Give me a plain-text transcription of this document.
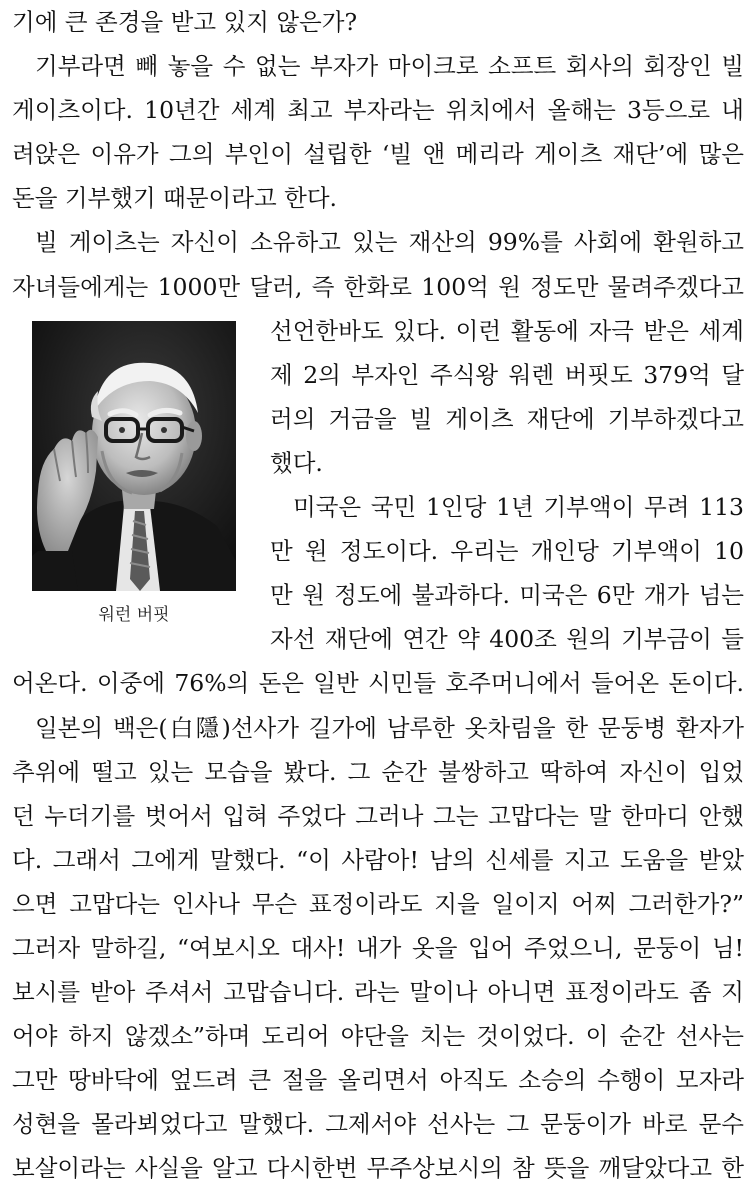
기에 큰 존경을 받고 있지 않은가?
기부라면 빼 놓을 수 없는 부자가 마이크로 소프트 회사의 회장인 빌
게이츠이다. 10년간 세계 최고 부자라는 위치에서 올해는 3등으로 내
려앉은 이유가 그의 부인이 설립한 ‘빌 앤 메리라 게이츠 재단’에 많은
돈을 기부했기 때문이라고 한다.
빌 게이츠는 자신이 소유하고 있는 재산의 99%를 사회에 환원하고
자녀들에게는 1000만 달러, 즉 한화로 100억 원 정도만 물려주겠다고
워런 버핏
선언한바도 있다. 이런 활동에 자극 받은 세계
제 2의 부자인 주식왕 워렌 버핏도 379억 달
러의 거금을 빌 게이츠 재단에 기부하겠다고
했다.
미국은 국민 1인당 1년 기부액이 무려 113
만 원 정도이다. 우리는 개인당 기부액이 10
만 원 정도에 불과하다. 미국은 6만 개가 넘는
자선 재단에 연간 약 400조 원의 기부금이 들
어온다. 이중에 76%의 돈은 일반 시민들 호주머니에서 들어온 돈이다.
일본의 백은(白隱)선사가 길가에 남루한 옷차림을 한 문둥병 환자가
추위에 떨고 있는 모습을 봤다. 그 순간 불쌍하고 딱하여 자신이 입었
던 누더기를 벗어서 입혀 주었다 그러나 그는 고맙다는 말 한마디 안했
다. 그래서 그에게 말했다. “이 사람아! 남의 신세를 지고 도움을 받았
으면 고맙다는 인사나 무슨 표정이라도 지을 일이지 어찌 그러한가?”
그러자 말하길, “여보시오 대사! 내가 옷을 입어 주었으니, 문둥이 님!
보시를 받아 주셔서 고맙습니다. 라는 말이나 아니면 표정이라도 좀 지
어야 하지 않겠소”하며 도리어 야단을 치는 것이었다. 이 순간 선사는
그만 땅바닥에 엎드려 큰 절을 올리면서 아직도 소승의 수행이 모자라
성현을 몰라뵈었다고 말했다. 그제서야 선사는 그 문둥이가 바로 문수
보살이라는 사실을 알고 다시한번 무주상보시의 참 뜻을 깨달았다고 한
